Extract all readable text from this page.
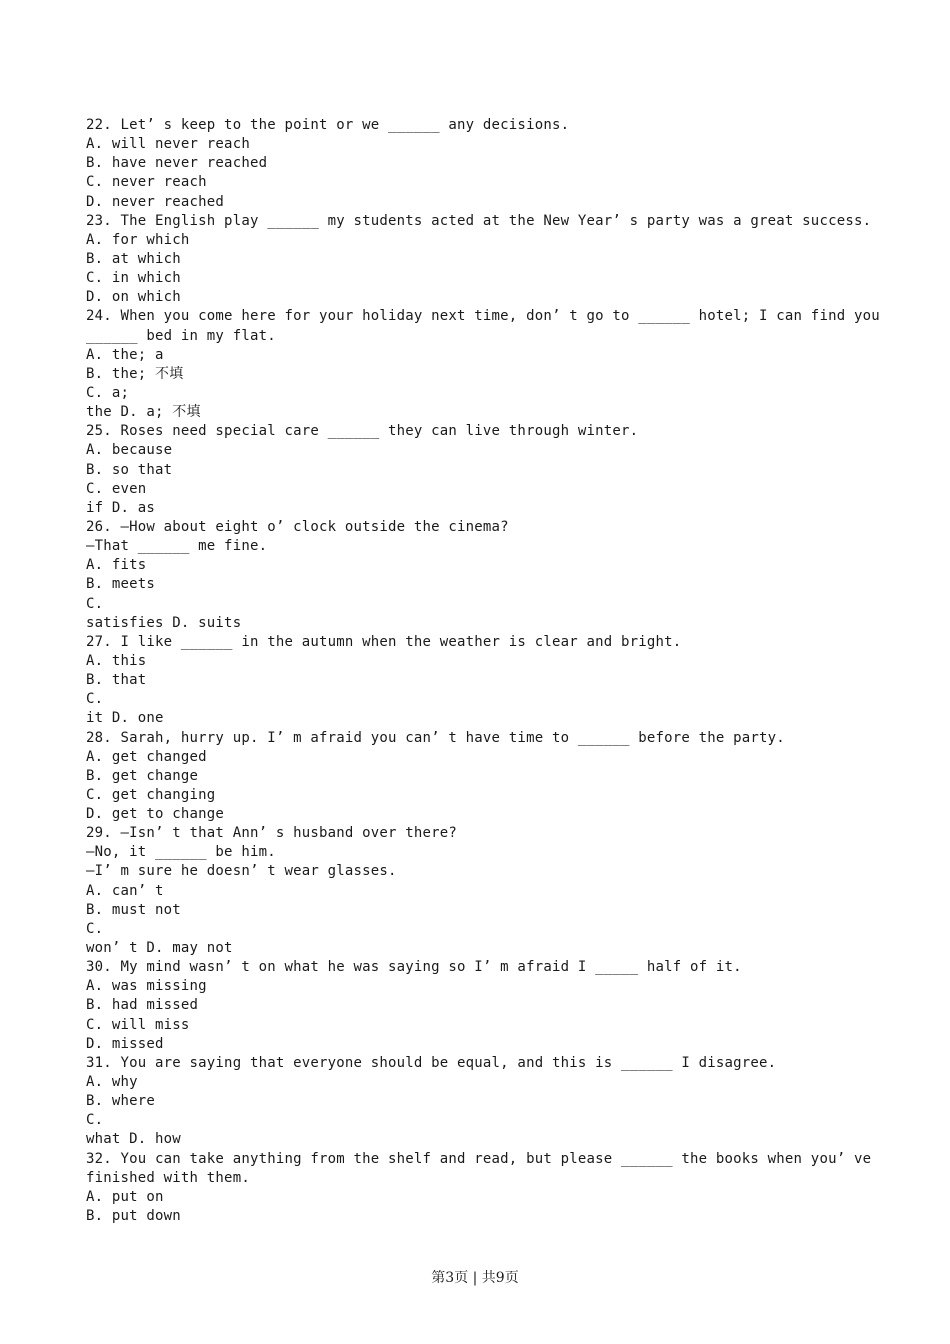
22. Let’ s keep to the point or we ______ any decisions.
A. will never reach
B. have never reached
C. never reach
D. never reached
23. The English play ______ my students acted at the New Year’ s party was a great success.
A. for which
B. at which
C. in which
D. on which
24. When you come here for your holiday next time, don’ t go to ______ hotel; I can find you
______ bed in my flat.
A. the; a
B. the; 不填
C. a;
the D. a; 不填
25. Roses need special care ______ they can live through winter.
A. because
B. so that
C. even
if D. as
26. —How about eight o’ clock outside the cinema?
—That ______ me fine.
A. fits
B. meets
C.
satisfies D. suits
27. I like ______ in the autumn when the weather is clear and bright.
A. this
B. that
C.
it D. one
28. Sarah, hurry up. I’ m afraid you can’ t have time to ______ before the party.
A. get changed
B. get change
C. get changing
D. get to change
29. —Isn’ t that Ann’ s husband over there?
—No, it ______ be him.
—I’ m sure he doesn’ t wear glasses.
A. can’ t
B. must not
C.
won’ t D. may not
30. My mind wasn’ t on what he was saying so I’ m afraid I _____ half of it.
A. was missing
B. had missed
C. will miss
D. missed
31. You are saying that everyone should be equal, and this is ______ I disagree.
A. why
B. where
C.
what D. how
32. You can take anything from the shelf and read, but please ______ the books when you’ ve
finished with them.
A. put on
B. put down
第3页 | 共9页
